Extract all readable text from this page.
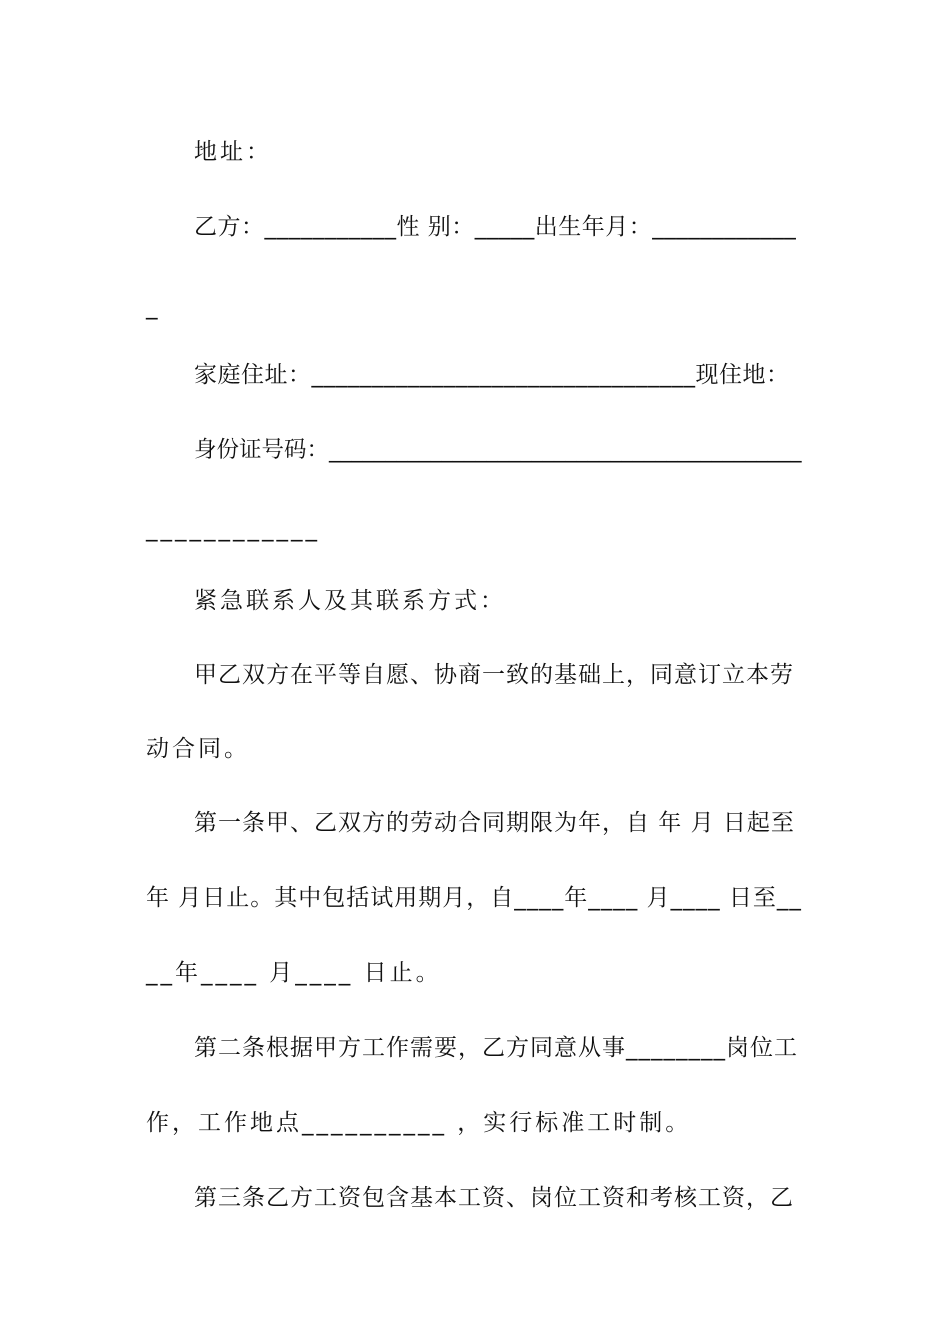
地址：
乙方：___________性 别：_____出生年月：____________
_
家庭住址：________________________________现住地：
身份证号码：__________________________________________
____________
紧急联系人及其联系方式：
甲乙双方在平等自愿、协商一致的基础上，同意订立本劳
动合同。
第一条甲、乙双方的劳动合同期限为年，自 年 月 日起至
年 月日止。其中包括试用期月，自____年____ 月____ 日至__
__年____ 月____ 日止。
第二条根据甲方工作需要，乙方同意从事________岗位工
作，工作地点__________ ，实行标准工时制。
第三条乙方工资包含基本工资、岗位工资和考核工资，乙
